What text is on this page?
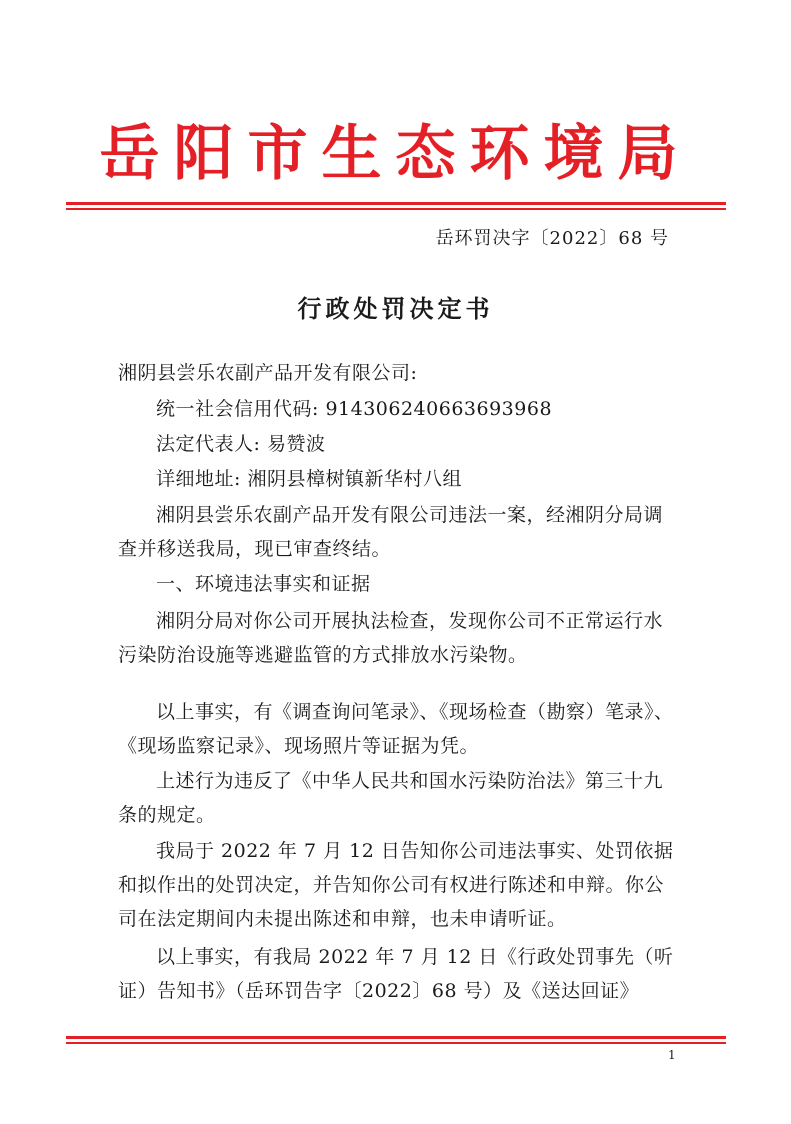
岳阳市生态环境局
岳环罚决字〔2022〕68 号
行政处罚决定书

湘阴县尝乐农副产品开发有限公司:

统一社会信用代码: 914306240663693968

法定代表人: 易赞波

详细地址: 湘阴县樟树镇新华村八组

湘阴县尝乐农副产品开发有限公司违法一案，经湘阴分局调查并移送我局，现已审查终结。

一、环境违法事实和证据

湘阴分局对你公司开展执法检查，发现你公司不正常运行水污染防治设施等逃避监管的方式排放水污染物。

以上事实，有《调查询问笔录》、《现场检查（勘察）笔录》、《现场监察记录》、现场照片等证据为凭。

上述行为违反了《中华人民共和国水污染防治法》第三十九条的规定。

我局于 2022 年 7 月 12 日告知你公司违法事实、处罚依据和拟作出的处罚决定，并告知你公司有权进行陈述和申辩。你公司在法定期间内未提出陈述和申辩，也未申请听证。

以上事实，有我局 2022 年 7 月 12 日《行政处罚事先（听证）告知书》（岳环罚告字〔2022〕68 号）及《送达回证》

1
